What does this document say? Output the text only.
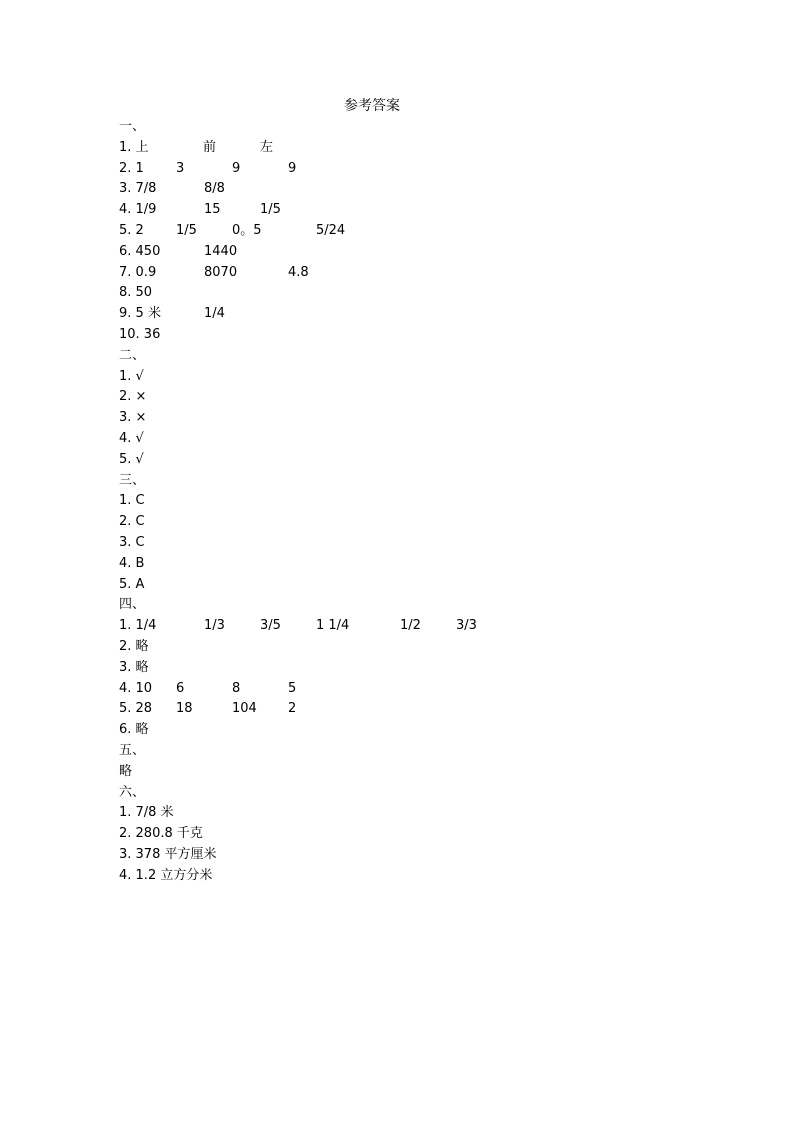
参考答案
一、
1. 上	前	左
2. 1 3	9	9
3. 7/8	8/8
4. 1/9	15	1/5
5. 2 1/5	0。5	5/24
6. 450	1440
7. 0.9	8070	4.8
8. 50
9. 5 米	1/4
10. 36
二、
1. √
2. ×
3. ×
4. √
5. √
三、
1. C
2. C
3. C
4. B
5. A
四、
1. 1/4	1/3	3/5	1 1/4	1/2	3/3
2. 略
3. 略
4. 10 6	8	5
5. 28 18	104 2
6. 略
五、
略
六、
1. 7/8 米
2. 280.8 千克
3. 378 平方厘米
4. 1.2 立方分米
